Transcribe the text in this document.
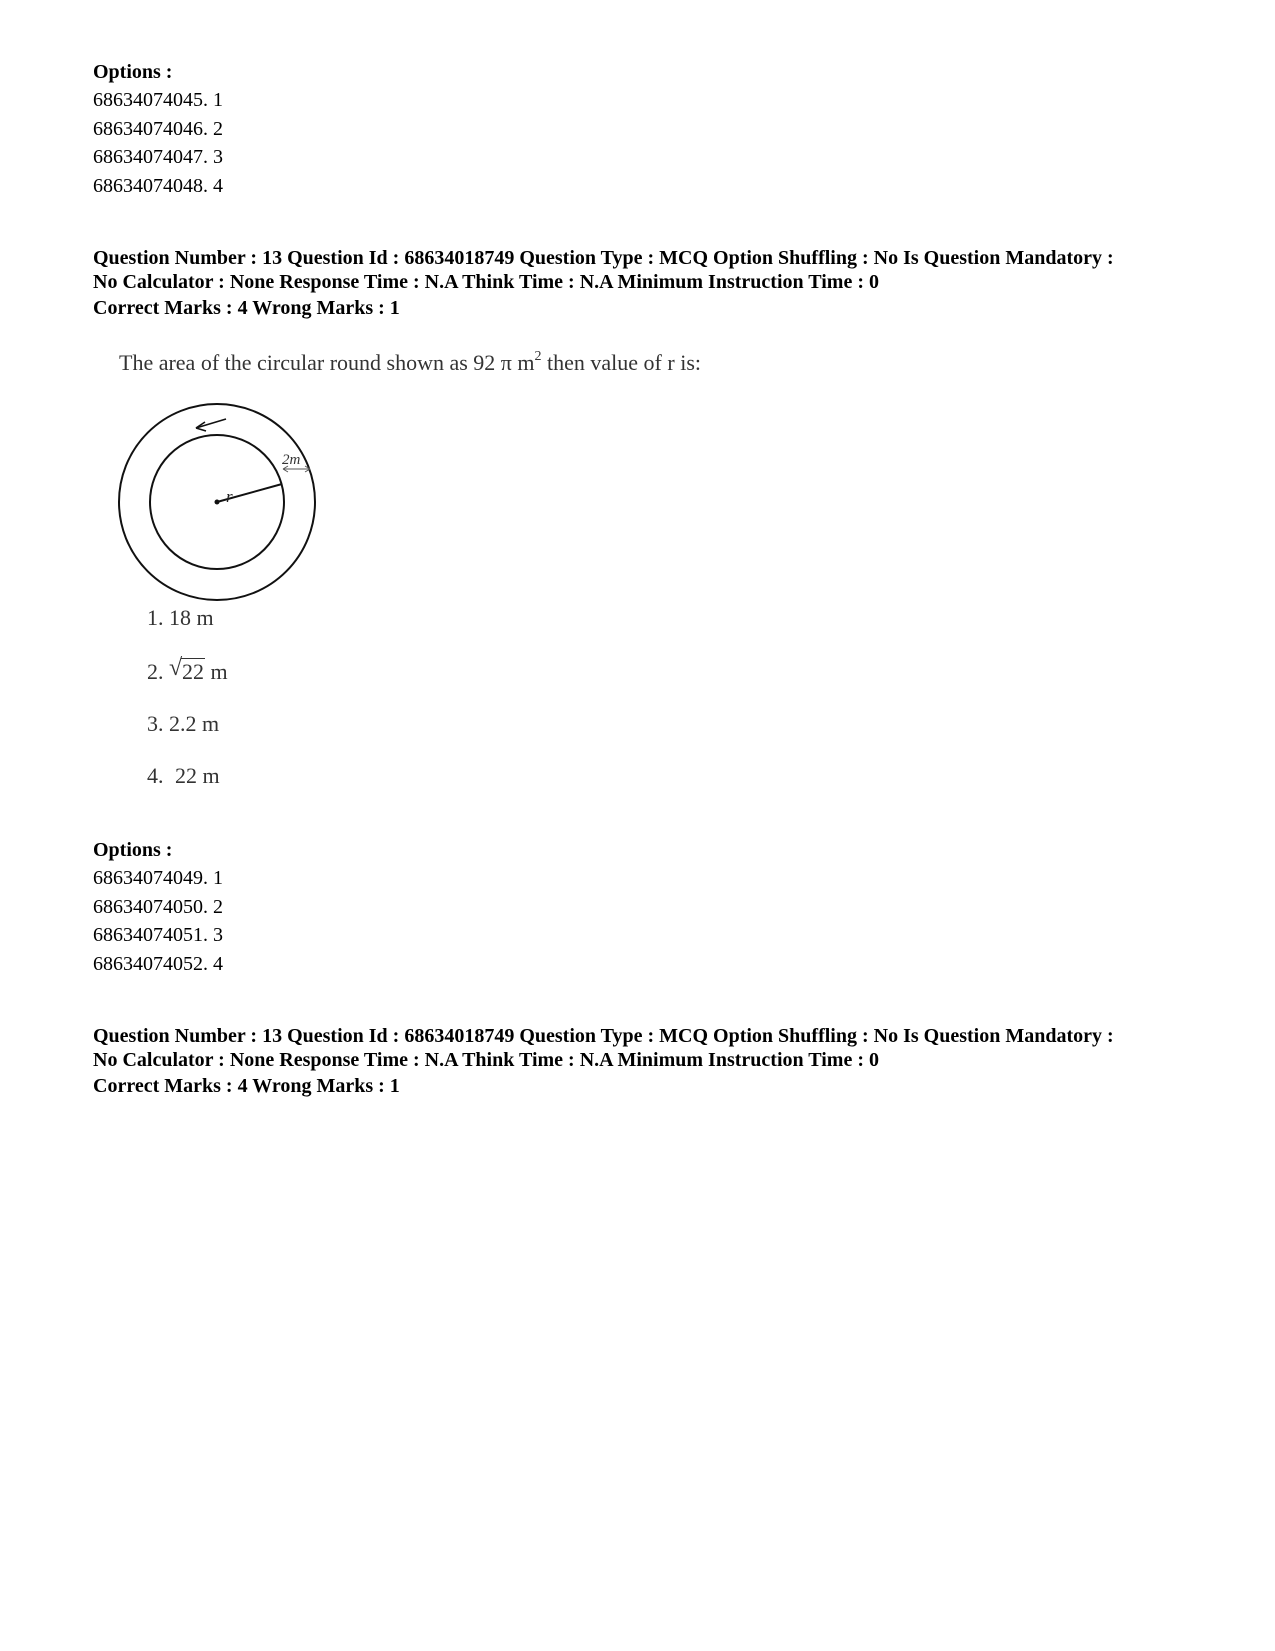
Options :
68634074045. 1
68634074046. 2
68634074047. 3
68634074048. 4
Question Number : 13 Question Id : 68634018749 Question Type : MCQ Option Shuffling : No Is Question Mandatory :
No Calculator : None Response Time : N.A Think Time : N.A Minimum Instruction Time : 0
Correct Marks : 4 Wrong Marks : 1
The area of the circular round shown as 92 π $m^2$ then value of r is:
2m
r
1. 18 m
2. √ 22 m
3. 2.2 m
4. 22 m
Options :
68634074049. 1
68634074050. 2
68634074051. 3
68634074052. 4
Question Number : 13 Question Id : 68634018749 Question Type : MCQ Option Shuffling : No Is Question Mandatory :
No Calculator : None Response Time : N.A Think Time : N.A Minimum Instruction Time : 0
Correct Marks : 4 Wrong Marks : 1
